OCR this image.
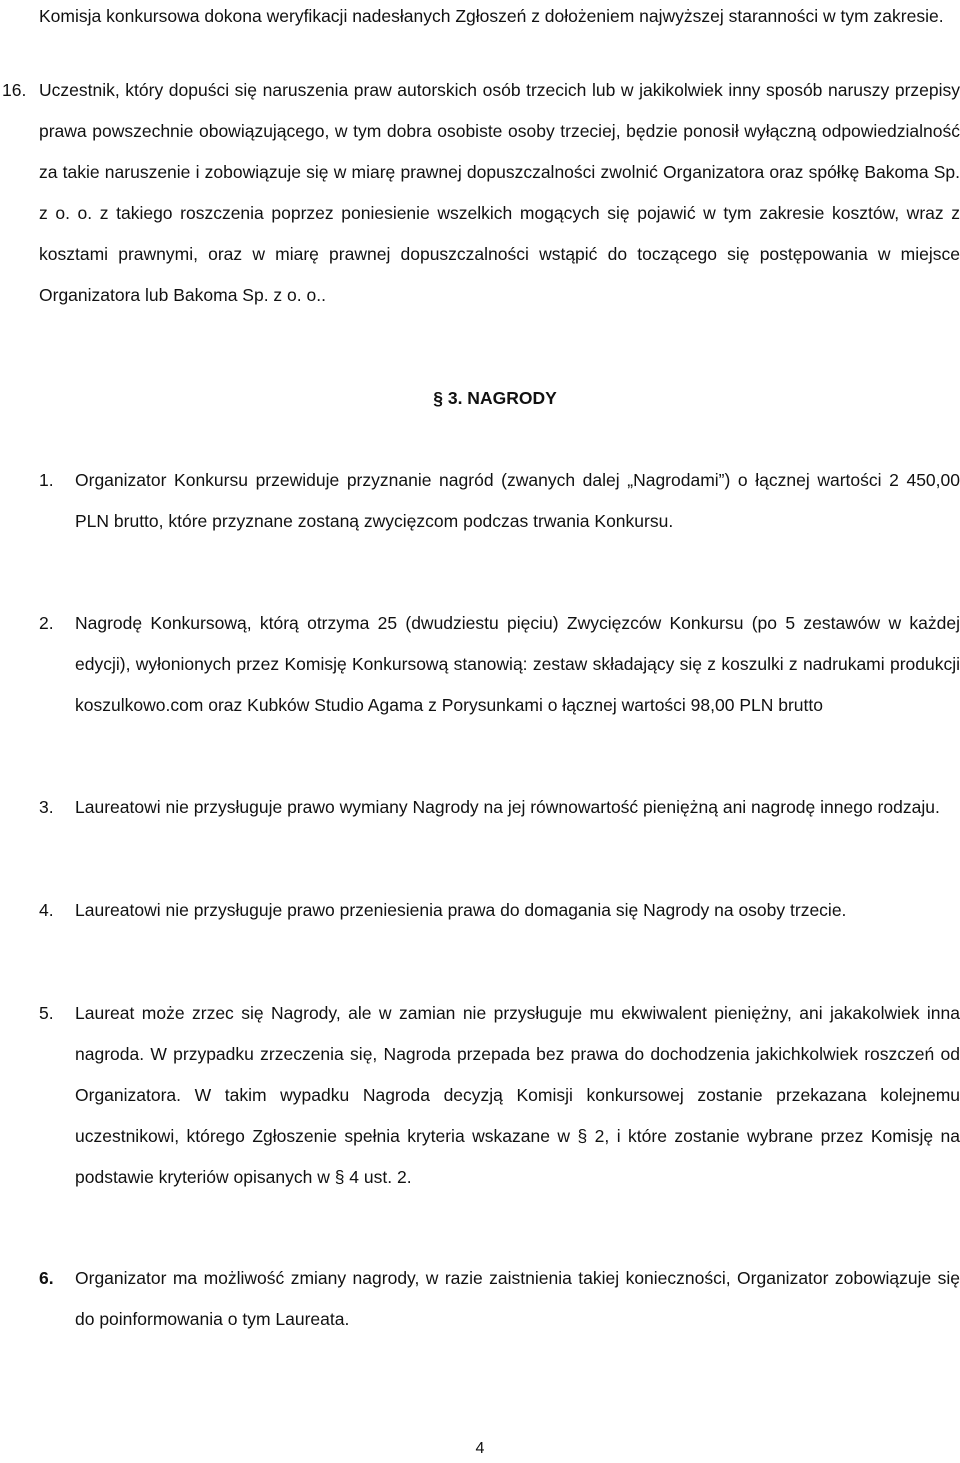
Komisja konkursowa dokona weryfikacji nadesłanych Zgłoszeń z dołożeniem najwyższej staranności w tym zakresie.

16. Uczestnik, który dopuści się naruszenia praw autorskich osób trzecich lub w jakikolwiek inny sposób naruszy przepisy prawa powszechnie obowiązującego, w tym dobra osobiste osoby trzeciej, będzie ponosił wyłączną odpowiedzialność za takie naruszenie i zobowiązuje się w miarę prawnej dopuszczalności zwolnić Organizatora oraz spółkę Bakoma Sp. z o. o. z takiego roszczenia poprzez poniesienie wszelkich mogących się pojawić w tym zakresie kosztów, wraz z kosztami prawnymi, oraz w miarę prawnej dopuszczalności wstąpić do toczącego się postępowania w miejsce Organizatora lub Bakoma Sp. z o. o..
§ 3. NAGRODY
1. Organizator Konkursu przewiduje przyznanie nagród (zwanych dalej „Nagrodami”) o łącznej wartości 2 450,00 PLN brutto, które przyznane zostaną zwycięzcom podczas trwania Konkursu.
2. Nagrodę Konkursową, którą otrzyma 25 (dwudziestu pięciu) Zwycięzców Konkursu (po 5 zestawów w każdej edycji), wyłonionych przez Komisję Konkursową stanowią: zestaw składający się z koszulki z nadrukami produkcji koszulkowo.com oraz Kubków Studio Agama z Porysunkami o łącznej wartości 98,00 PLN brutto
3. Laureatowi nie przysługuje prawo wymiany Nagrody na jej równowartość pieniężną ani nagrodę innego rodzaju.
4. Laureatowi nie przysługuje prawo przeniesienia prawa do domagania się Nagrody na osoby trzecie.
5. Laureat może zrzec się Nagrody, ale w zamian nie przysługuje mu ekwiwalent pieniężny, ani jakakolwiek inna nagroda. W przypadku zrzeczenia się, Nagroda przepada bez prawa do dochodzenia jakichkolwiek roszczeń od Organizatora. W takim wypadku Nagroda decyzją Komisji konkursowej zostanie przekazana kolejnemu uczestnikowi, którego Zgłoszenie spełnia kryteria wskazane w § 2, i które zostanie wybrane przez Komisję na podstawie kryteriów opisanych w § 4 ust. 2.
6. Organizator ma możliwość zmiany nagrody, w razie zaistnienia takiej konieczności, Organizator zobowiązuje się do poinformowania o tym Laureata.
4
